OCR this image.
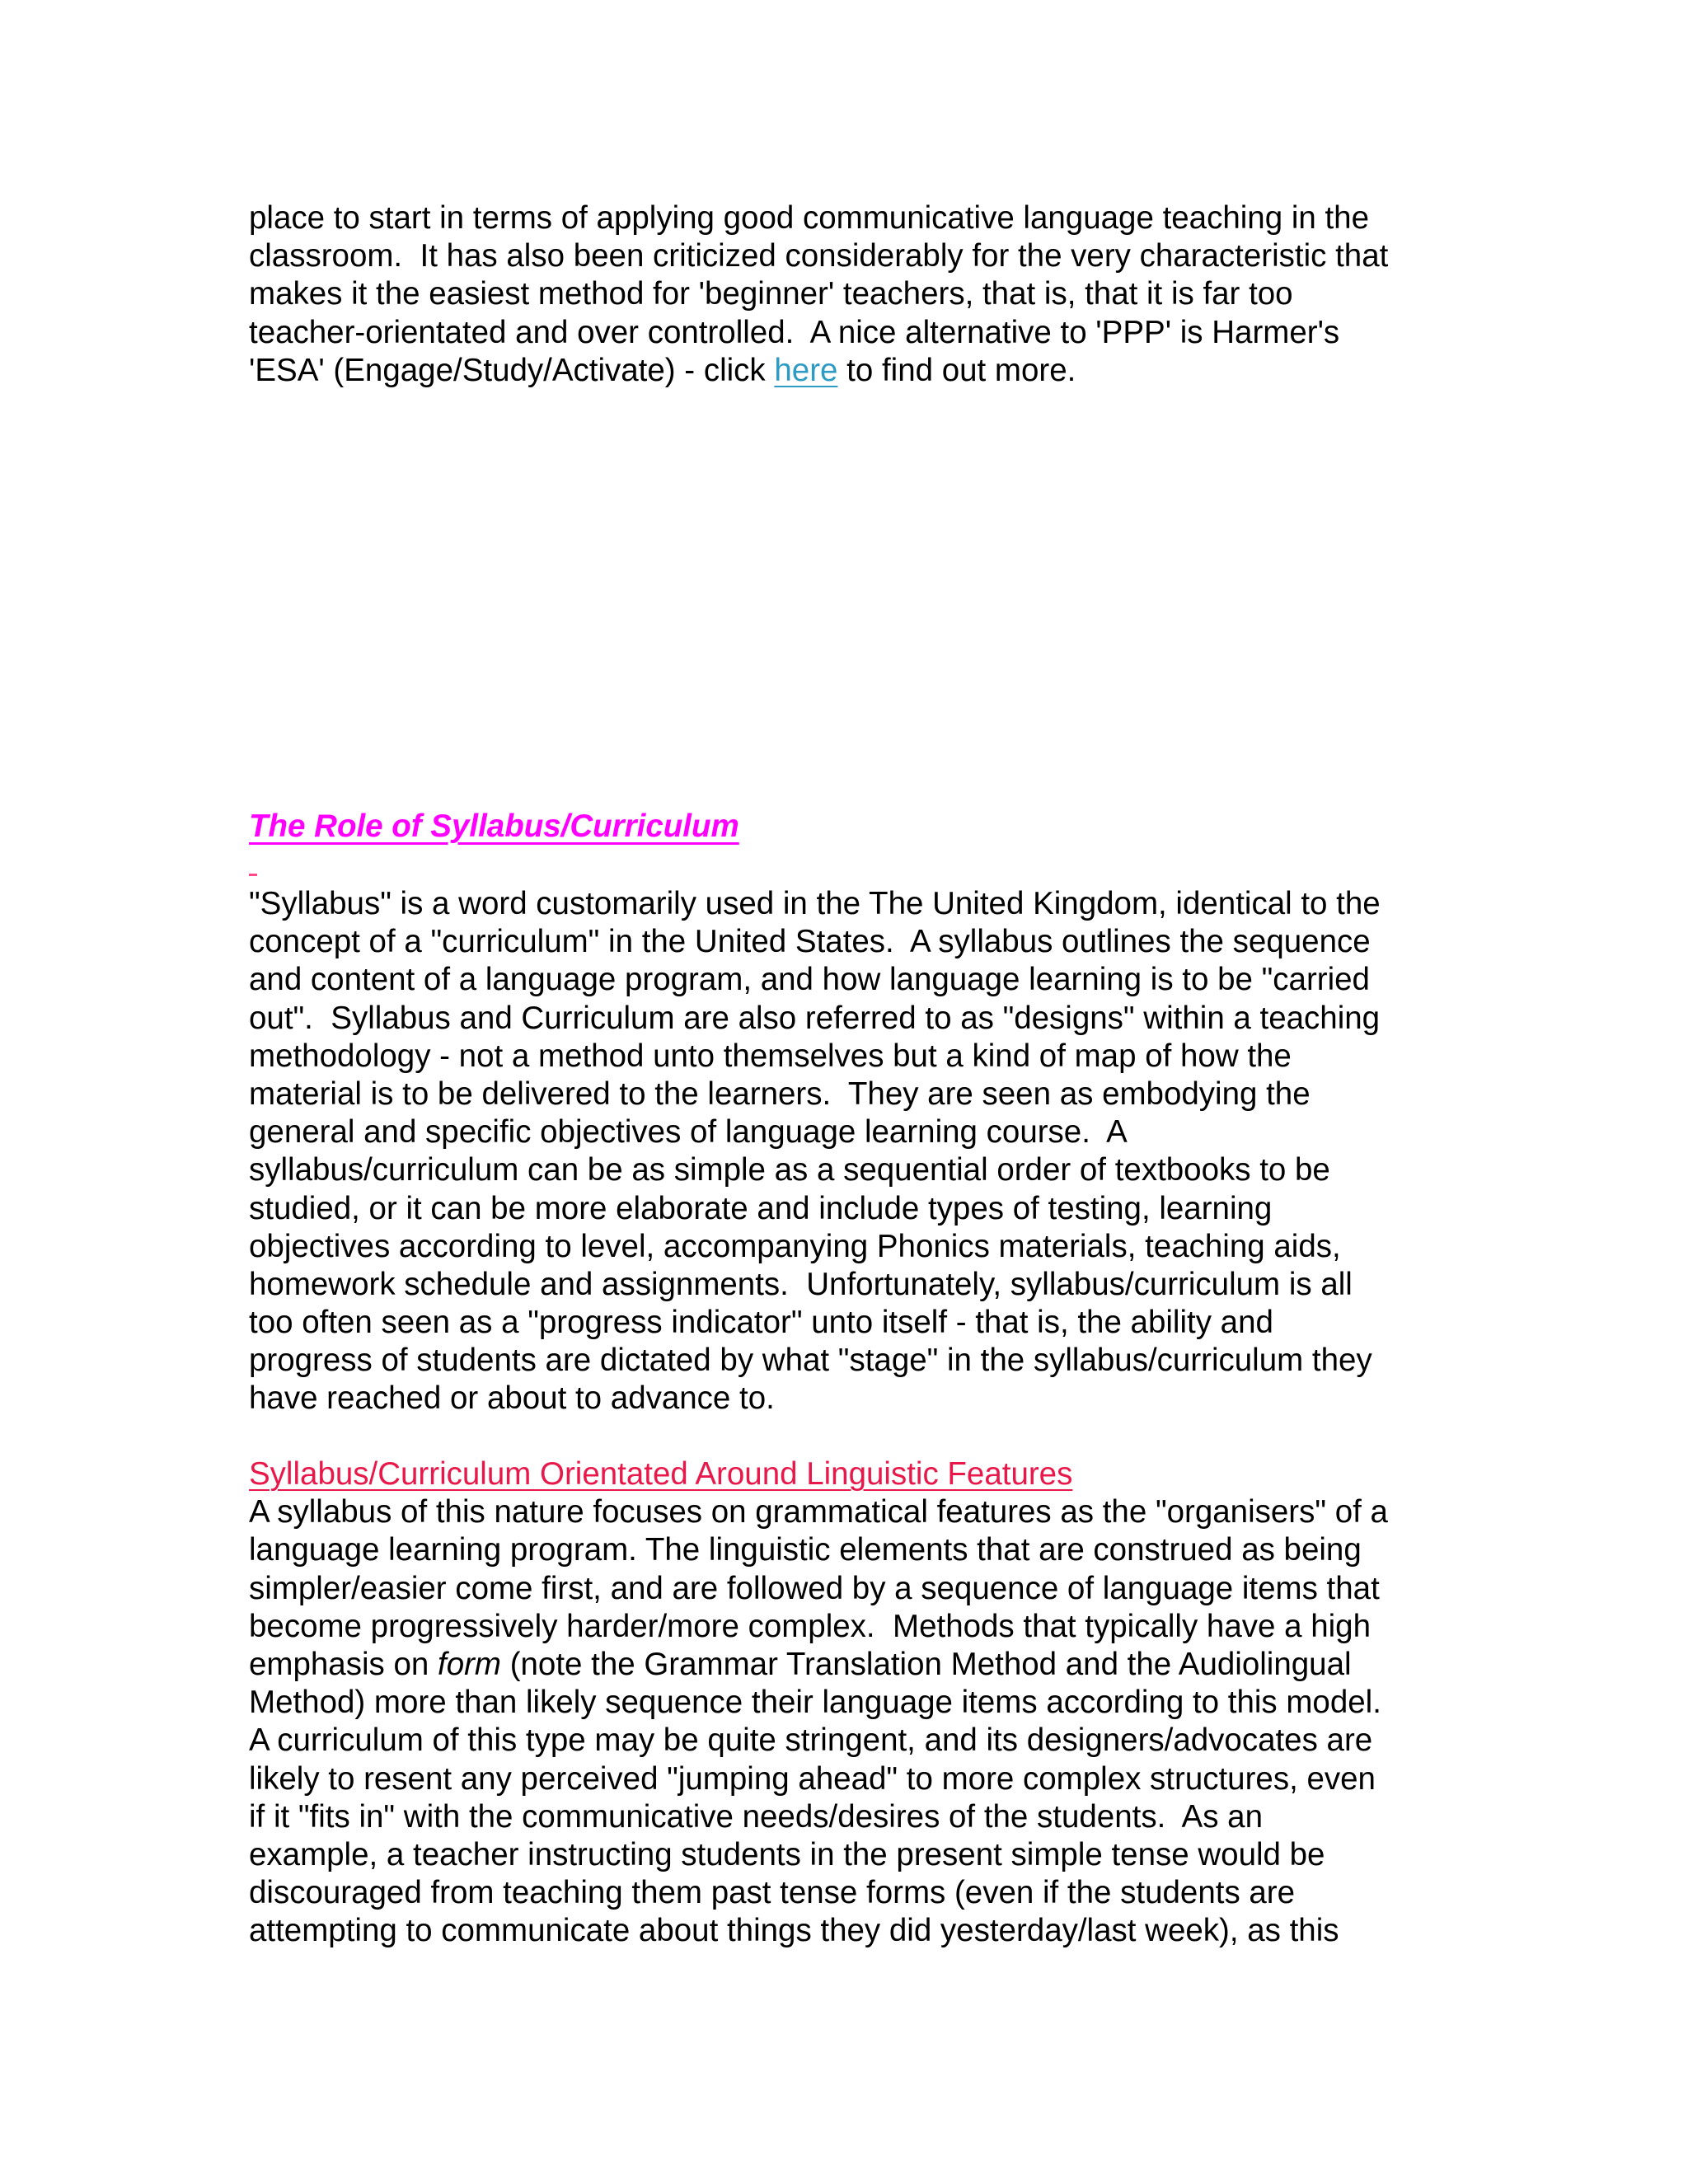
place to start in terms of applying good communicative language teaching in the
classroom.  It has also been criticized considerably for the very characteristic that
makes it the easiest method for 'beginner' teachers, that is, that it is far too
teacher-orientated and over controlled.  A nice alternative to 'PPP' is Harmer's
'ESA' (Engage/Study/Activate) - click here to find out more.
The Role of Syllabus/Curriculum
"Syllabus" is a word customarily used in the The United Kingdom, identical to the
concept of a "curriculum" in the United States.  A syllabus outlines the sequence
and content of a language program, and how language learning is to be "carried
out".  Syllabus and Curriculum are also referred to as "designs" within a teaching
methodology - not a method unto themselves but a kind of map of how the
material is to be delivered to the learners.  They are seen as embodying the
general and specific objectives of language learning course.  A
syllabus/curriculum can be as simple as a sequential order of textbooks to be
studied, or it can be more elaborate and include types of testing, learning
objectives according to level, accompanying Phonics materials, teaching aids,
homework schedule and assignments.  Unfortunately, syllabus/curriculum is all
too often seen as a "progress indicator" unto itself - that is, the ability and
progress of students are dictated by what "stage" in the syllabus/curriculum they
have reached or about to advance to.
Syllabus/Curriculum Orientated Around Linguistic Features
A syllabus of this nature focuses on grammatical features as the "organisers" of a
language learning program. The linguistic elements that are construed as being
simpler/easier come first, and are followed by a sequence of language items that
become progressively harder/more complex.  Methods that typically have a high
emphasis on form (note the Grammar Translation Method and the Audiolingual
Method) more than likely sequence their language items according to this model.
A curriculum of this type may be quite stringent, and its designers/advocates are
likely to resent any perceived "jumping ahead" to more complex structures, even
if it "fits in" with the communicative needs/desires of the students.  As an
example, a teacher instructing students in the present simple tense would be
discouraged from teaching them past tense forms (even if the students are
attempting to communicate about things they did yesterday/last week), as this
